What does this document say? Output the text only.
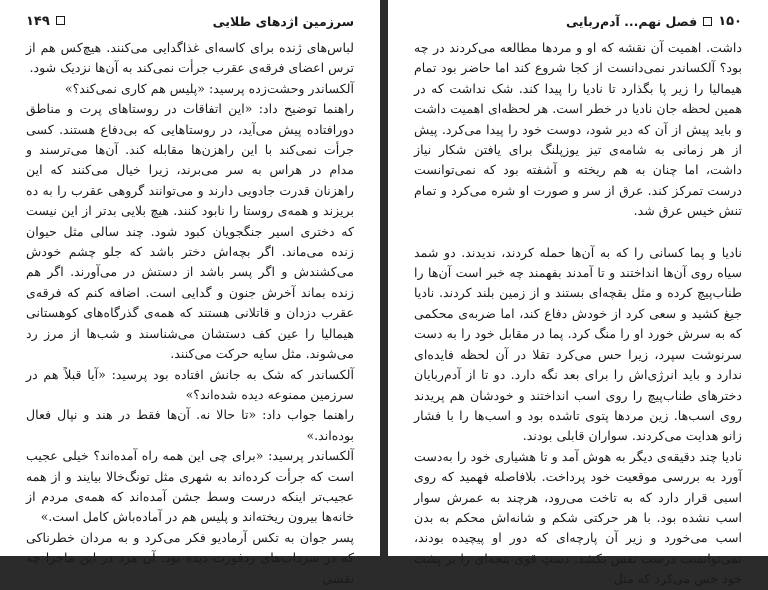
سرزمین اژدهای طلایی
۱۴۹

لباس‌های ژنده برای کاسه‌ای غذاگدایی می‌کنند. هیچ‌کس هم از ترس اعضای فرقه‌ی عقرب جرأت نمی‌کند به آن‌ها نزدیک شود.

آلکساندر وحشت‌زده پرسید: «پلیس هم کاری نمی‌کند؟»

راهنما توضیح داد: «این اتفاقات در روستاهای پرت و مناطق دورافتاده پیش می‌آید، در روستاهایی که بی‌دفاع هستند. کسی جرأت نمی‌کند با این راهزن‌ها مقابله کند. آن‌ها می‌ترسند و مدام در هراس به سر می‌برند، زیرا خیال می‌کنند که این راهزنان قدرت جادویی دارند و می‌توانند گروهی عقرب را به ده بریزند و همه‌ی روستا را نابود کنند. هیچ بلایی بدتر از این نیست که دختری اسیر جنگجویان کبود شود. چند سالی مثل حیوان زنده می‌ماند. اگر بچه‌اش دختر باشد که جلو چشم خودش می‌کشندش و اگر پسر باشد از دستش در می‌آورند. اگر هم زنده بماند آخرش جنون و گدایی است. اضافه کنم که فرقه‌ی عقرب دزدان و قاتلانی هستند که همه‌ی گذرگاه‌های کوهستانی هیمالیا را عین کف دستشان می‌شناسند و شب‌ها از مرز رد می‌شوند. مثل سایه حرکت می‌کنند.

آلکساندر که شک به جانش افتاده بود پرسید: «آیا قبلاً هم در سرزمین ممنوعه دیده شده‌اند؟»

راهنما جواب داد: «تا حالا نه. آن‌ها فقط در هند و نپال فعال بوده‌اند.»

آلکساندر پرسید: «برای چی این همه راه آمده‌اند؟ خیلی عجیب است که جرأت کرده‌اند به شهری مثل تونگ‌خالا بیایند و از همه عجیب‌تر اینکه درست وسط جشن آمده‌اند که همه‌ی مردم از خانه‌ها بیرون ریخته‌اند و پلیس هم در آماده‌باش کامل است.»

پسر جوان به تکس آرمادیو فکر می‌کرد و به مردان خطرناکی که در سرداب‌های ردفورت دیده بود. آن مرد در این ماجرا چه نقشی

۱۵۰
فصل نهم... آدم‌ربایی

داشت. اهمیت آن نقشه که او و مردها مطالعه می‌کردند در چه بود؟ آلکساندر نمی‌دانست از کجا شروع کند اما حاضر بود تمام هیمالیا را زیر پا بگذارد تا نادیا را پیدا کند. شک نداشت که در همین لحظه جان نادیا در خطر است. هر لحظه‌ای اهمیت داشت و باید پیش از آن که دیر شود، دوست خود را پیدا می‌کرد. پیش از هر زمانی به شامه‌ی تیز یوزپلنگ برای یافتن شکار نیاز داشت، اما چنان به هم ریخته و آشفته بود که نمی‌توانست درست تمرکز کند. عرق از سر و صورت او شره می‌کرد و تمام تنش خیس عرق شد.

نادیا و پما کسانی را که به آن‌ها حمله کردند، ندیدند. دو شمد سیاه روی آن‌ها انداختند و تا آمدند بفهمند چه خبر است آن‌ها را طناب‌پیچ کرده و مثل بقچه‌ای بستند و از زمین بلند کردند. نادیا جیغ کشید و سعی کرد از خودش دفاع کند، اما ضربه‌ی محکمی که به سرش خورد او را منگ کرد. پما در مقابل خود را به دست سرنوشت سپرد، زیرا حس می‌کرد تقلا در آن لحظه فایده‌ای ندارد و باید انرژی‌اش را برای بعد نگه دارد. دو تا از آدم‌ربایان دخترهای طناب‌پیچ را روی اسب انداختند و خودشان هم پریدند روی اسب‌ها. زین مردها پتوی تاشده بود و اسب‌ها را با فشار زانو هدایت می‌کردند. سواران قابلی بودند.

نادیا چند دقیقه‌ی دیگر به هوش آمد و تا هشیاری خود را به‌دست آورد به بررسی موقعیت خود پرداخت. بلافاصله فهمید که روی اسبی قرار دارد که به تاخت می‌رود، هرچند به عمرش سوار اسب نشده بود. با هر حرکتی شکم و شانه‌اش محکم به بدن اسب می‌خورد و زیر آن پارچه‌ای که دور او پیچیده بودند، نمی‌توانست درست نفس بکشد. دستِ قوی پنجه‌ای را بر پشت خود حس می‌کرد که مثل
